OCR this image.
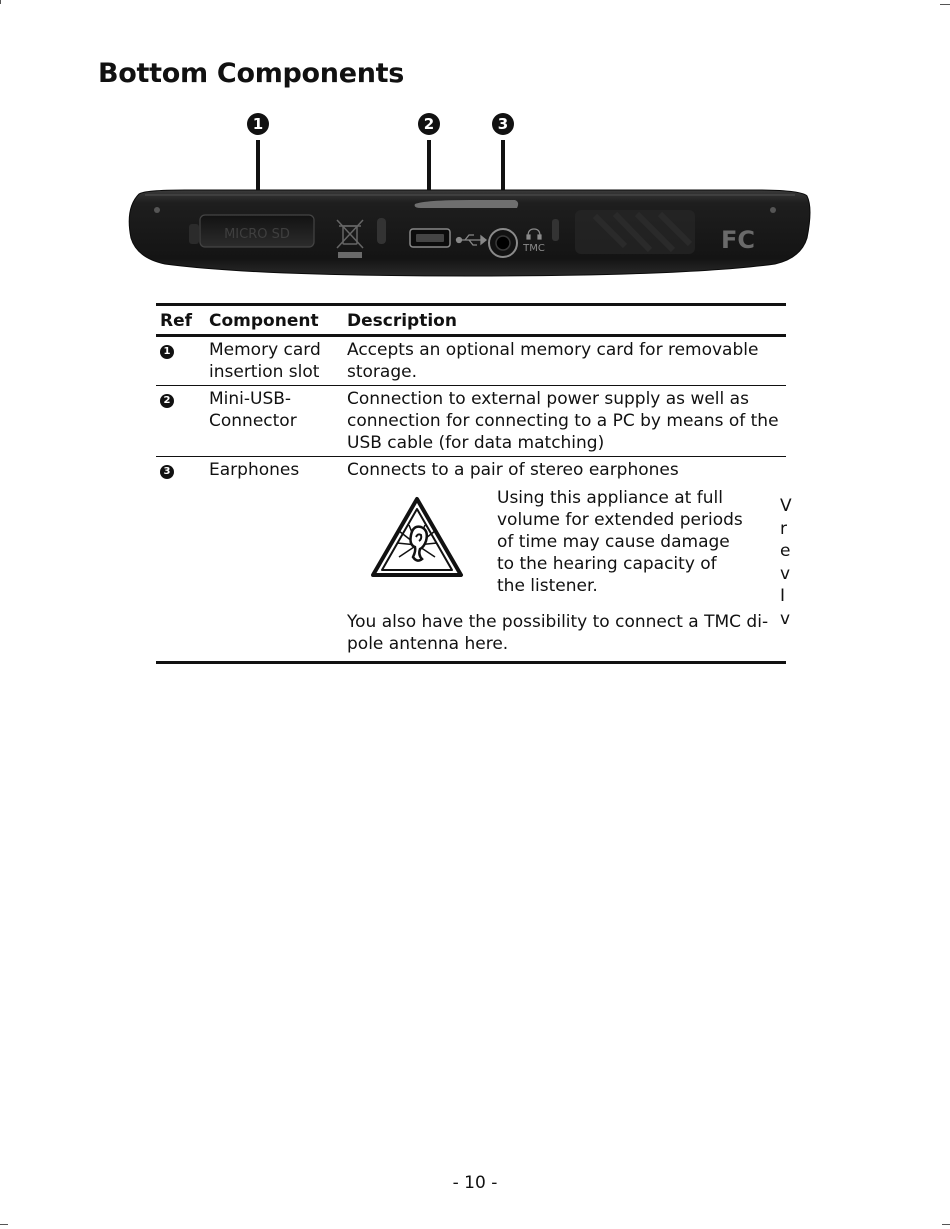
Bottom Components
1	2	3
MICRO SD
TMC	FC
Ref	Component	Description
1	Memory card insertion slot	Accepts an optional memory card for removable storage.
2	Mini-USB-Connector	Connection to external power supply as well as connection for connecting to a PC by means of the USB cable (for data matching)
3	Earphones	Connects to a pair of stereo earphones
Using this appliance at full volume for extended periods of time may cause damage to the hearing capacity of the listener.
You also have the possibility to connect a TMC di-pole antenna here.
V
r
e
v
I
v
- 10 -
